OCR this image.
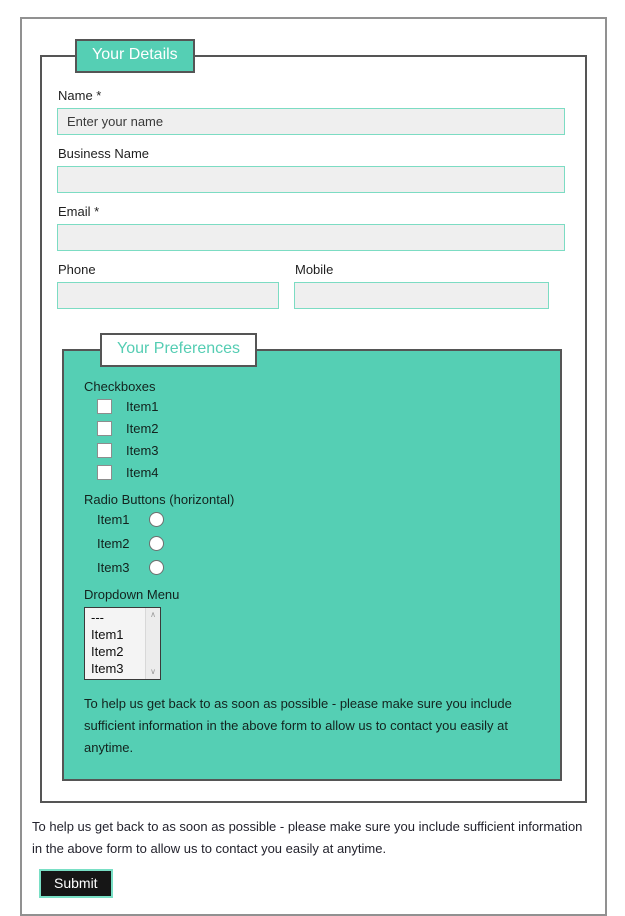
Your Details
Name *
Enter your name
Business Name
Email *
Phone	Mobile
Your Preferences
Checkboxes
Item1
Item2
Item3
Item4
Radio Buttons (horizontal)
Item1
Item2
Item3
Dropdown Menu
---
Item1
Item2
Item3
∧
∨

To help us get back to as soon as possible - please make sure you include sufficient information in the above form to allow us to contact you easily at anytime.

To help us get back to as soon as possible - please make sure you include sufficient information in the above form to allow us to contact you easily at anytime.

Submit
